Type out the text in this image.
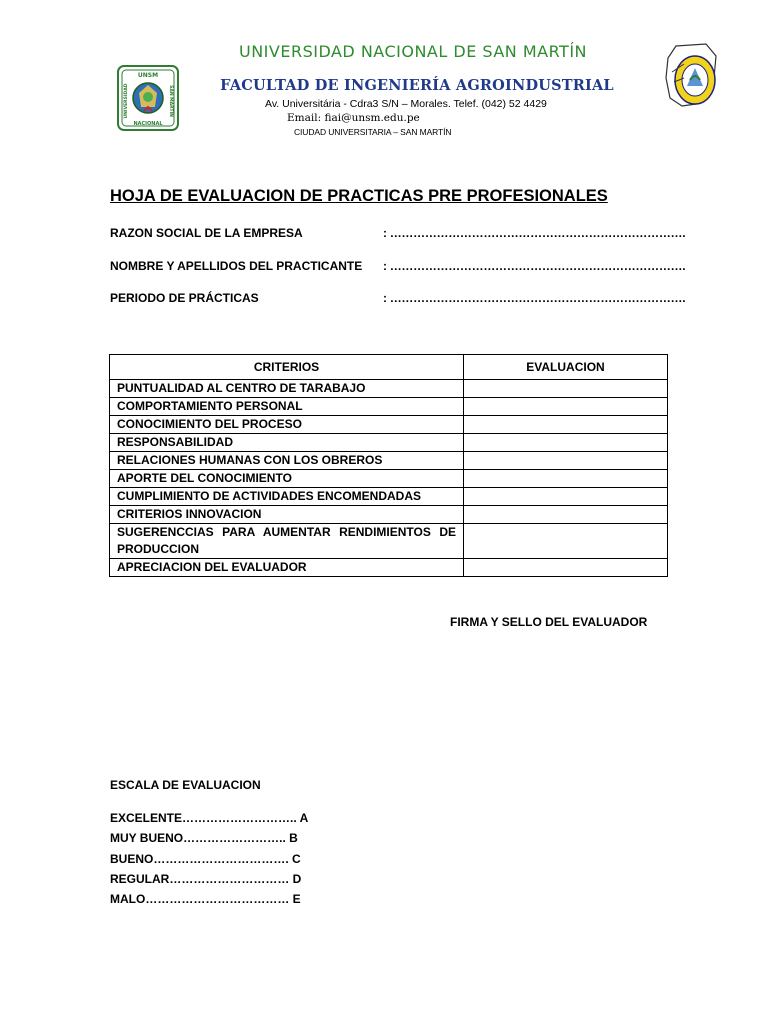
UNSM
UNIVERSIDAD	SAN MARTIN
NACIONAL
UNIVERSIDAD NACIONAL DE SAN MARTÍN
FACULTAD DE INGENIERÍA AGROINDUSTRIAL
Av. Universitária - Cdra3 S/N – Morales. Telef. (042) 52 4429
Email: fiai@unsm.edu.pe
CIUDAD UNIVERSITARIA – SAN MARTÍN
HOJA DE EVALUACION DE PRACTICAS PRE PROFESIONALES
RAZON SOCIAL DE LA EMPRESA	: ………………………………………………………………….
NOMBRE Y APELLIDOS DEL PRACTICANTE : ………………………………………………………………….
PERIODO DE PRÁCTICAS	: ………………………………………………………………….
CRITERIOS	EVALUACION
PUNTUALIDAD AL CENTRO DE TARABAJO	
COMPORTAMIENTO PERSONAL	
CONOCIMIENTO DEL PROCESO	
RESPONSABILIDAD	
RELACIONES HUMANAS CON LOS OBREROS	
APORTE DEL CONOCIMIENTO	
CUMPLIMIENTO DE ACTIVIDADES ENCOMENDADAS	
CRITERIOS INNOVACION	
SUGERENCCIAS PARA AUMENTAR RENDIMIENTOS DE PRODUCCION	
APRECIACION DEL EVALUADOR	
FIRMA Y SELLO DEL EVALUADOR
ESCALA DE EVALUACION
EXCELENTE……………………….. A
MUY BUENO…………………….. B
BUENO……………………………. C
REGULAR………………………… D
MALO……………………………… E
